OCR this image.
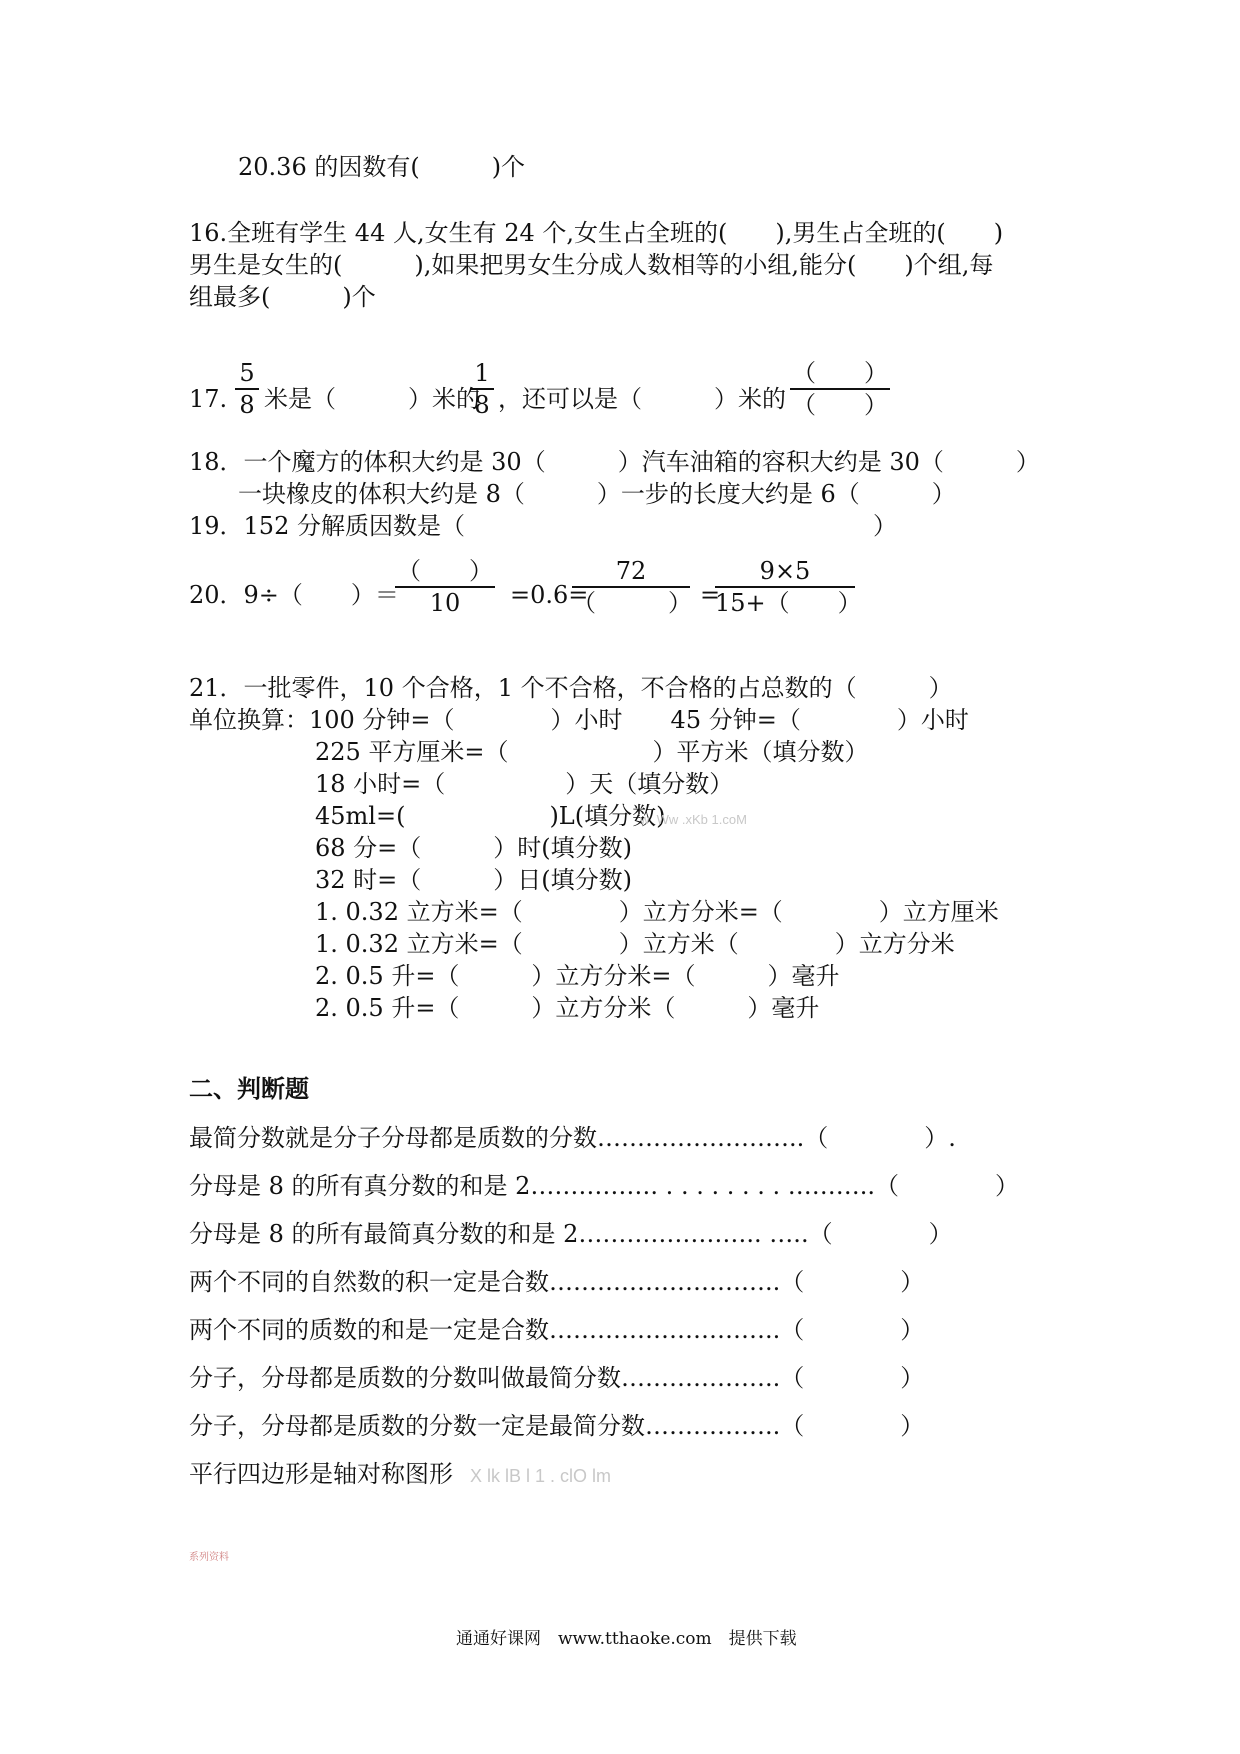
20.36 的因数有(　　　)个
16.全班有学生 44 人,女生有 24 个,女生占全班的(　　),男生占全班的(　　)
男生是女生的(　　　),如果把男女生分成人数相等的小组,能分(　　)个组,每
组最多(　　　)个
17.
5
8 米是（　　　）米的
1
8 ，还可以是（　　　）米的
（　　）
（　　）
18．一个魔方的体积大约是 30（　　　）汽车油箱的容积大约是 30（　　　）
一块橡皮的体积大约是 8（　　　）一步的长度大约是 6（　　　）
19．152 分解质因数是（　　　　　　　　　　　　　　　　　）
20．9÷（　　）＝
（　　）
10	=0.6=
72
（　　　） =
9×5
15+（　　）
21．一批零件，10 个合格，1 个不合格，不合格的占总数的（　　　）
单位换算：100 分钟=（　　　　）小时　　45 分钟=（　　　　）小时
225 平方厘米=（　　　　　　）平方米（填分数）
18 小时=（　　　　　）天（填分数）
45ml=(　　　　　　)L(填分数)
w  Ww .xKb 1.coM
68 分=（　　　）时(填分数)
32 时=（　　　）日(填分数)
1. 0.32 立方米=（　　　　）立方分米=（　　　　）立方厘米
1. 0.32 立方米=（　　　　）立方米（　　　　）立方分米
2. 0.5 升=（　　　）立方分米=（　　　）毫升
2. 0.5 升=（　　　）立方分米（　　　）毫升
二、判断题
最简分数就是分子分母都是质数的分数……………………..（　　　　）.
分母是 8 的所有真分数的和是 2……………. . . . . . . . . ………..（　　　　）
分母是 8 的所有最简真分数的和是 2………………….. …..（　　　　）
两个不同的自然数的积一定是合数………………………..（　　　　）
两个不同的质数的和是一定是合数………………………..（　　　　）
分子，分母都是质数的分数叫做最简分数………………..（　　　　）
分子，分母都是质数的分数一定是最简分数……………..（　　　　）
平行四边形是轴对称图形 X lk lB l 1 . clO lm
系列资料
通通好课网　www.tthaoke.com　提供下载
